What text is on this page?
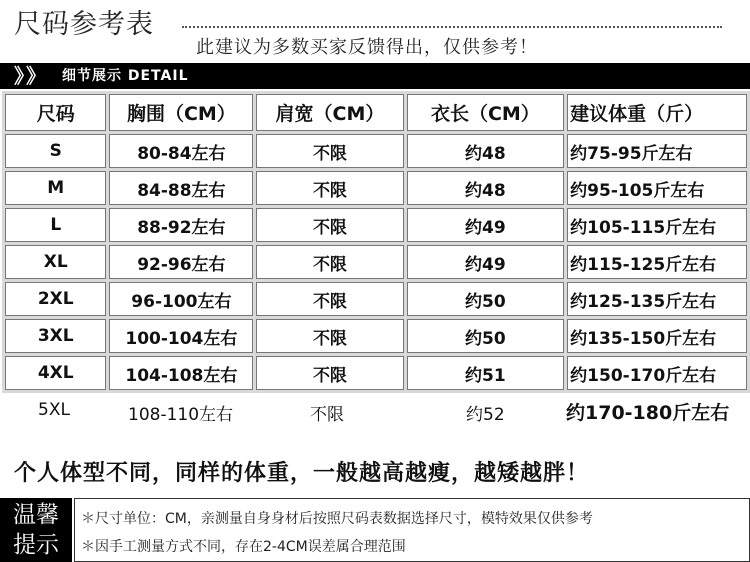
尺码参考表
此建议为多数买家反馈得出，仅供参考！
》》 细节展示 DETAIL
尺码	胸围（CM）	肩宽（CM）	衣长（CM）	建议体重（斤）
S	80-84左右	不限	约48	约75-95斤左右
M	84-88左右	不限	约48	约95-105斤左右
L	88-92左右	不限	约49	约105-115斤左右
XL	92-96左右	不限	约49	约115-125斤左右
2XL	96-100左右	不限	约50	约125-135斤左右
3XL	100-104左右	不限	约50	约135-150斤左右
4XL	104-108左右	不限	约51	约150-170斤左右
5XL	108-110左右	不限	约52	约170-180斤左右
个人体型不同，同样的体重，一般越高越瘦，越矮越胖！
温馨
提示
＊尺寸单位：CM，亲测量自身身材后按照尺码表数据选择尺寸，模特效果仅供参考
＊因手工测量方式不同，存在2-4CM误差属合理范围
